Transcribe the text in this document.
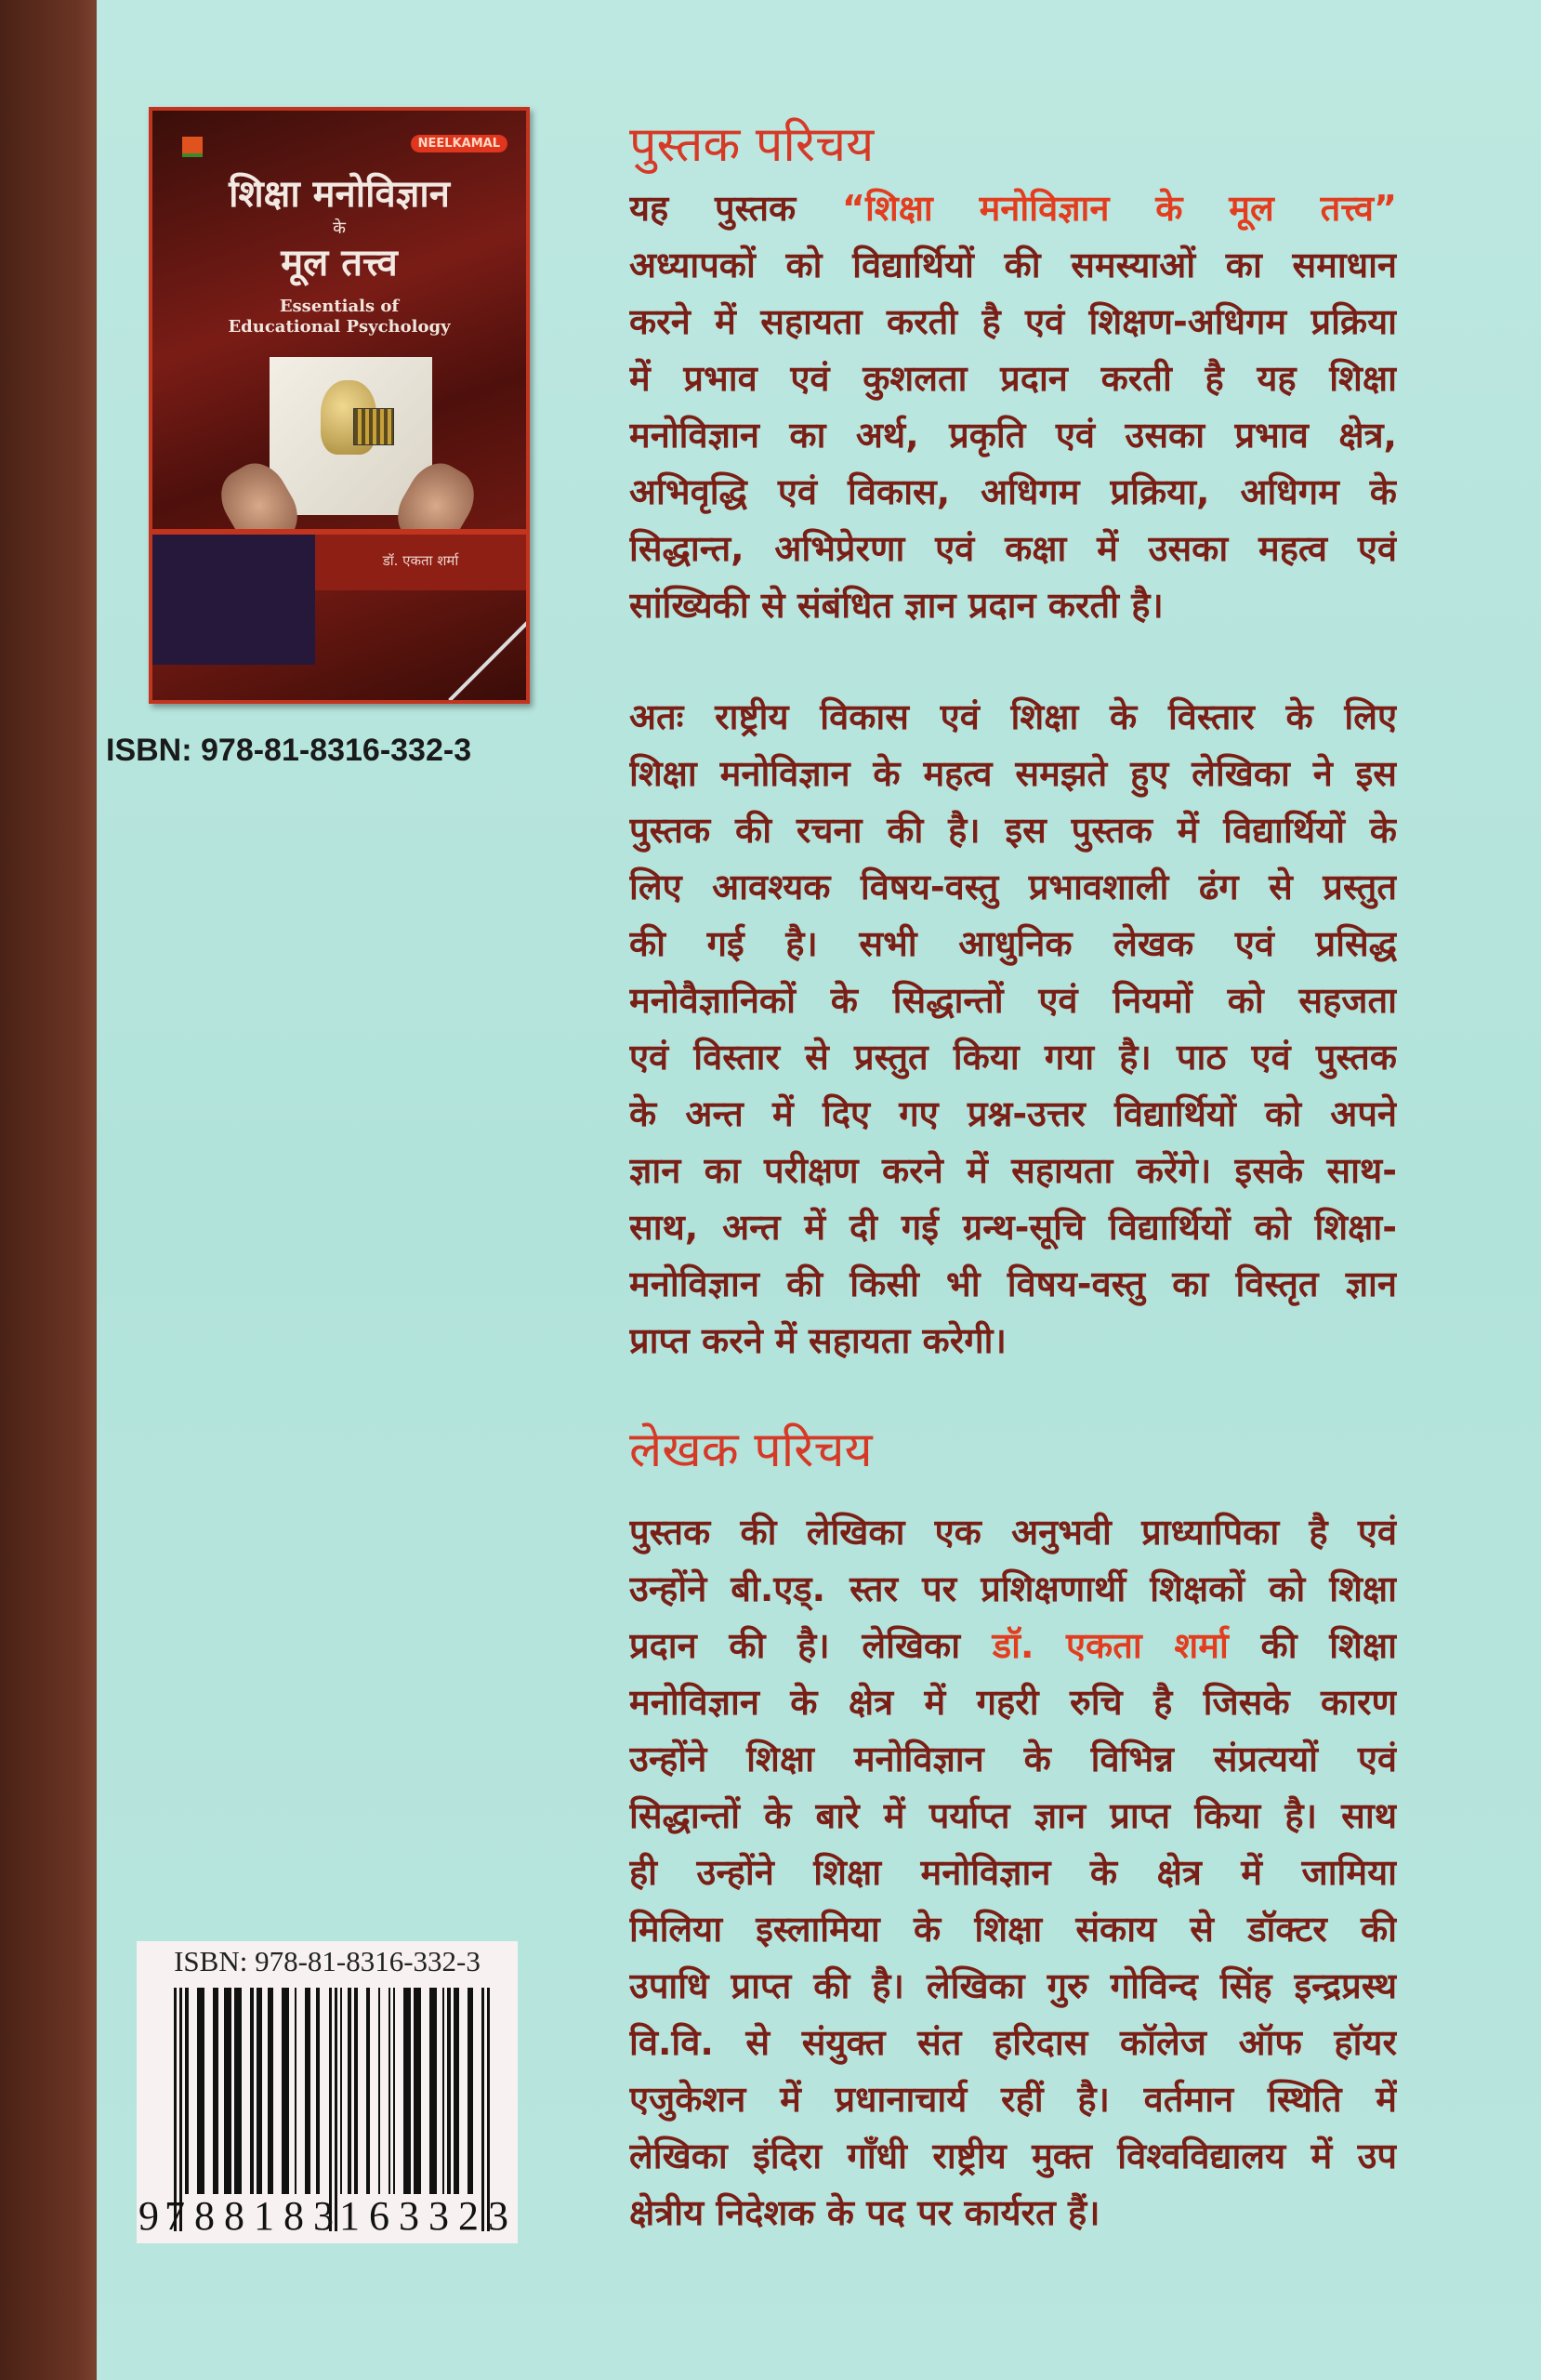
NEELKAMAL
शिक्षा मनोविज्ञान
के
मूल तत्त्व
Essentials of
Educational Psychology
डॉ. एकता शर्मा
ISBN: 978-81-8316-332-3
ISBN: 978-81-8316-332-3
9
788183
163323
पुस्तक परिचय
यह पुस्तक “शिक्षा मनोविज्ञान के मूल तत्त्व”
अध्यापकों को विद्यार्थियों की समस्याओं का समाधान
करने में सहायता करती है एवं शिक्षण-अधिगम प्रक्रिया
में प्रभाव एवं कुशलता प्रदान करती है यह शिक्षा
मनोविज्ञान का अर्थ, प्रकृति एवं उसका प्रभाव क्षेत्र,
अभिवृद्धि एवं विकास, अधिगम प्रक्रिया, अधिगम के
सिद्धान्त, अभिप्रेरणा एवं कक्षा में उसका महत्व एवं
सांख्यिकी से संबंधित ज्ञान प्रदान करती है।
अतः राष्ट्रीय विकास एवं शिक्षा के विस्तार के लिए
शिक्षा मनोविज्ञान के महत्व समझते हुए लेखिका ने इस
पुस्तक की रचना की है। इस पुस्तक में विद्यार्थियों के
लिए आवश्यक विषय-वस्तु प्रभावशाली ढंग से प्रस्तुत
की गई है। सभी आधुनिक लेखक एवं प्रसिद्ध
मनोवैज्ञानिकों के सिद्धान्तों एवं नियमों को सहजता
एवं विस्तार से प्रस्तुत किया गया है। पाठ एवं पुस्तक
के अन्त में दिए गए प्रश्न-उत्तर विद्यार्थियों को अपने
ज्ञान का परीक्षण करने में सहायता करेंगे। इसके साथ-
साथ, अन्त में दी गई ग्रन्थ-सूचि विद्यार्थियों को शिक्षा-
मनोविज्ञान की किसी भी विषय-वस्तु का विस्तृत ज्ञान
प्राप्त करने में सहायता करेगी।
लेखक परिचय
पुस्तक की लेखिका एक अनुभवी प्राध्यापिका है एवं
उन्होंने बी.एड्. स्तर पर प्रशिक्षणार्थी शिक्षकों को शिक्षा
प्रदान की है। लेखिका डॉ. एकता शर्मा की शिक्षा
मनोविज्ञान के क्षेत्र में गहरी रुचि है जिसके कारण
उन्होंने शिक्षा मनोविज्ञान के विभिन्न संप्रत्ययों एवं
सिद्धान्तों के बारे में पर्याप्त ज्ञान प्राप्त किया है। साथ
ही उन्होंने शिक्षा मनोविज्ञान के क्षेत्र में जामिया
मिलिया इस्लामिया के शिक्षा संकाय से डॉक्टर की
उपाधि प्राप्त की है। लेखिका गुरु गोविन्द सिंह इन्द्रप्रस्थ
वि.वि. से संयुक्त संत हरिदास कॉलेज ऑफ हॉयर
एजुकेशन में प्रधानाचार्य रहीं है। वर्तमान स्थिति में
लेखिका इंदिरा गाँधी राष्ट्रीय मुक्त विश्वविद्यालय में उप
क्षेत्रीय निदेशक के पद पर कार्यरत हैं।
